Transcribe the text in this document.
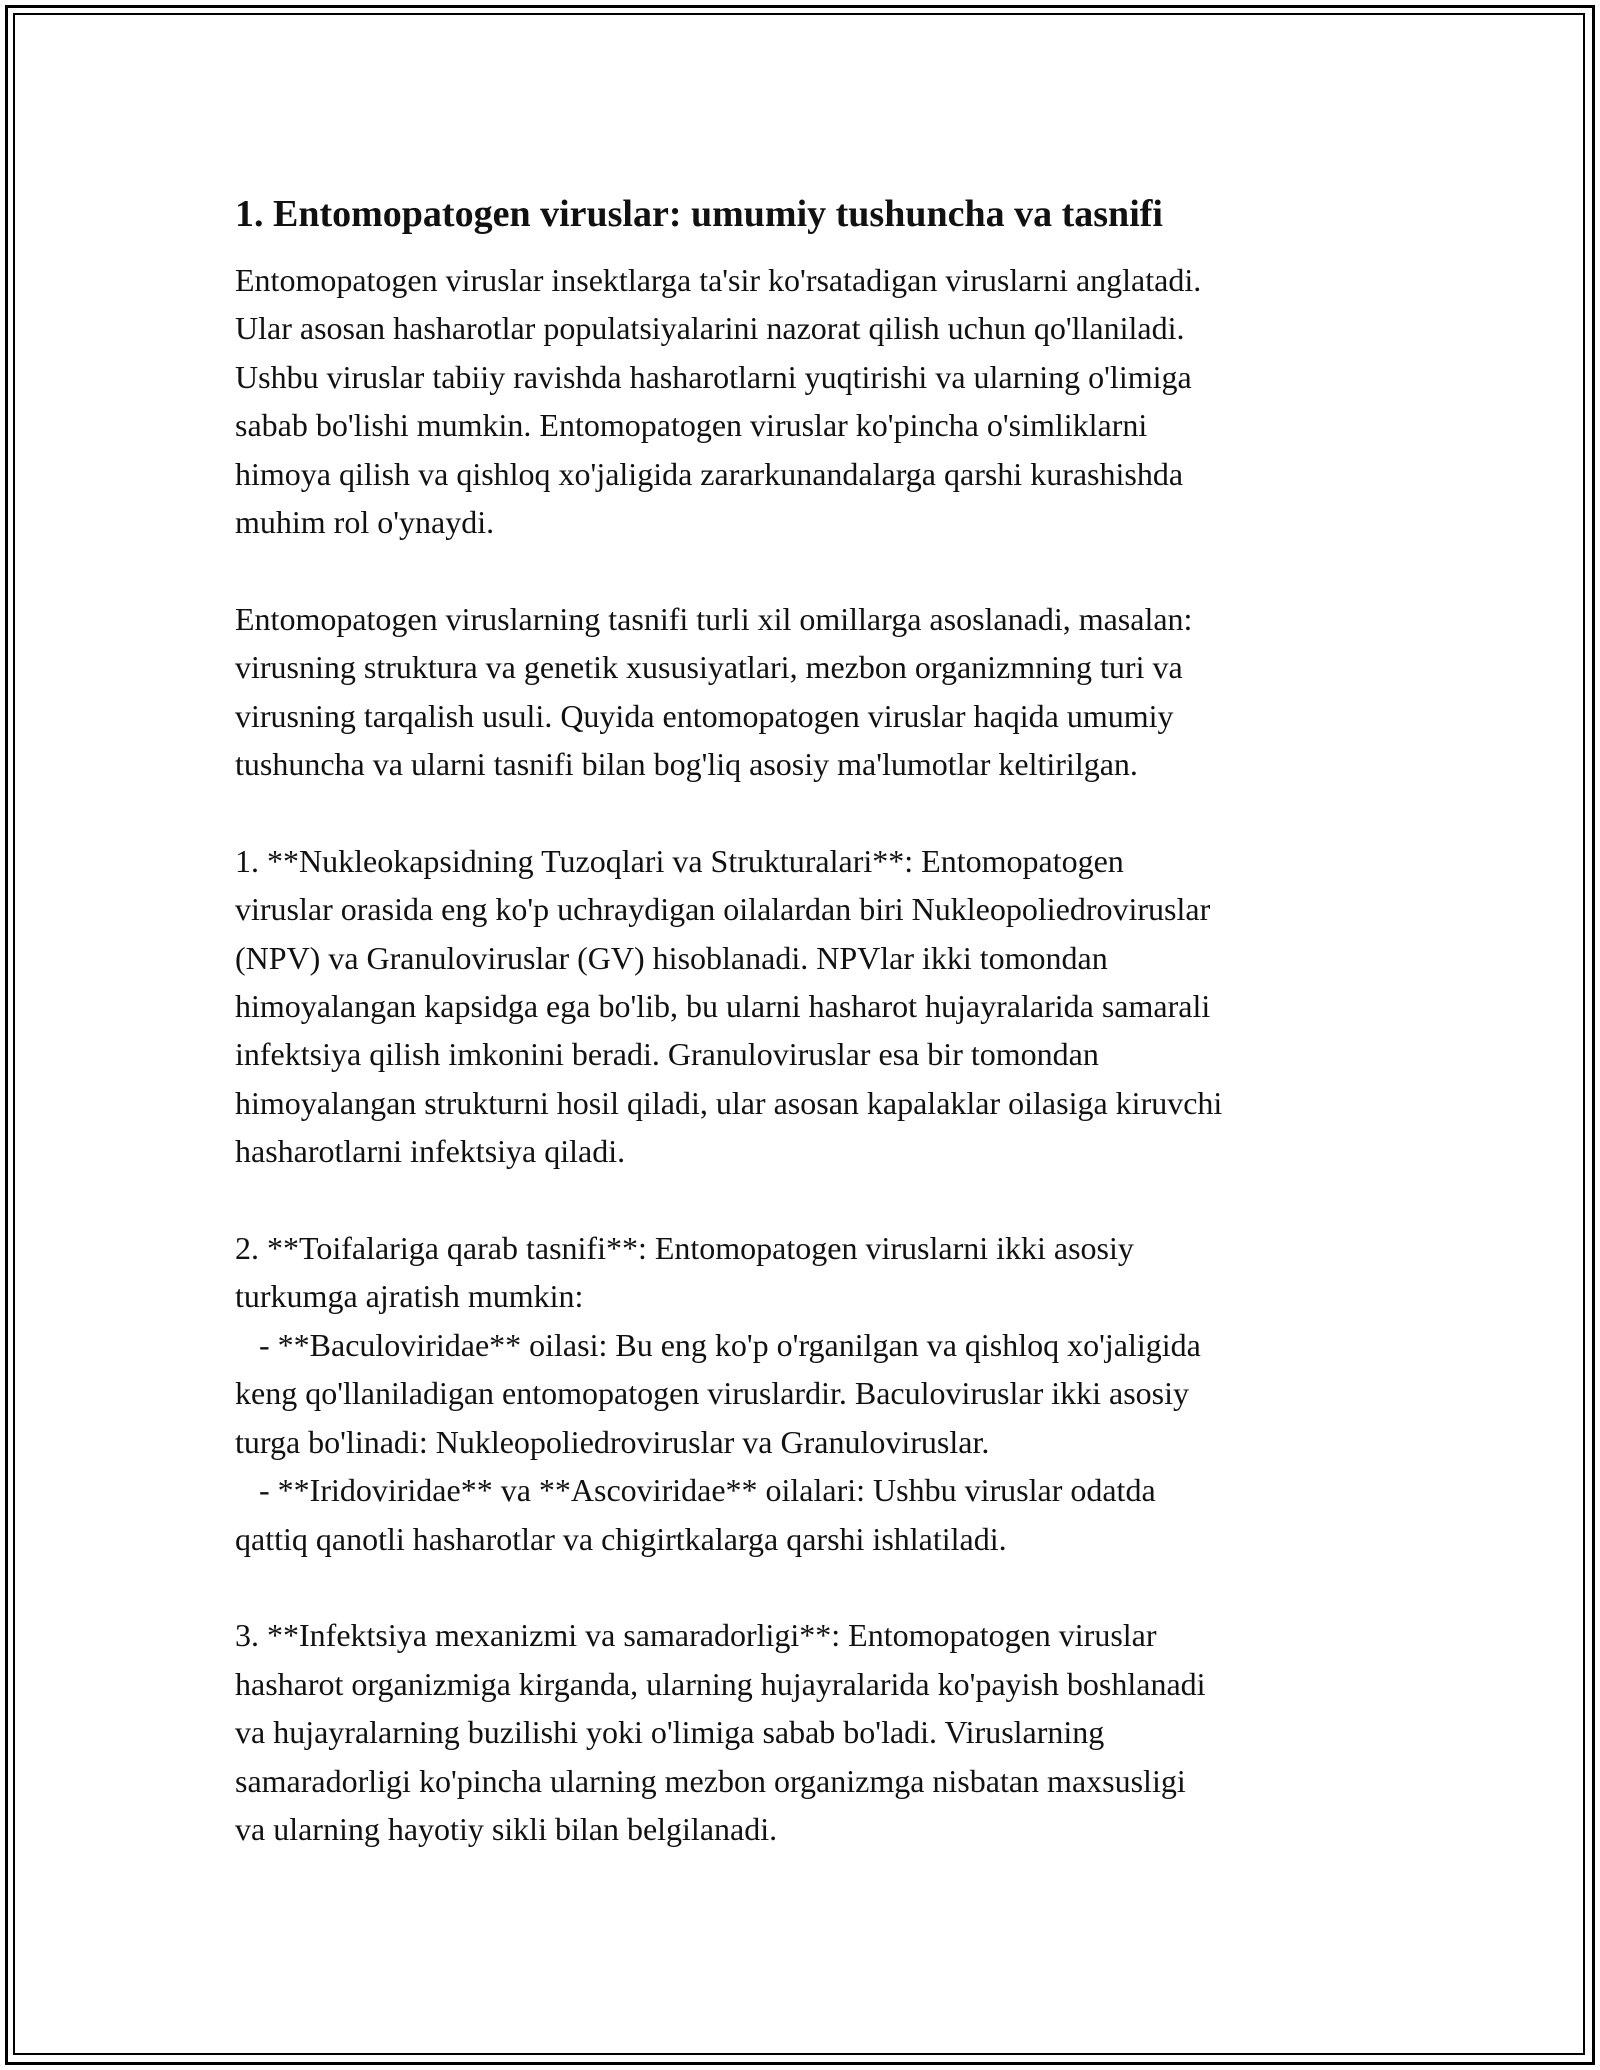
1. Entomopatogen viruslar: umumiy tushuncha va tasnifi

Entomopatogen viruslar insektlarga ta'sir ko'rsatadigan viruslarni anglatadi.
Ular asosan hasharotlar populatsiyalarini nazorat qilish uchun qo'llaniladi.
Ushbu viruslar tabiiy ravishda hasharotlarni yuqtirishi va ularning o'limiga
sabab bo'lishi mumkin. Entomopatogen viruslar ko'pincha o'simliklarni
himoya qilish va qishloq xo'jaligida zararkunandalarga qarshi kurashishda
muhim rol o'ynaydi.

Entomopatogen viruslarning tasnifi turli xil omillarga asoslanadi, masalan:
virusning struktura va genetik xususiyatlari, mezbon organizmning turi va
virusning tarqalish usuli. Quyida entomopatogen viruslar haqida umumiy
tushuncha va ularni tasnifi bilan bog'liq asosiy ma'lumotlar keltirilgan.

1. **Nukleokapsidning Tuzoqlari va Strukturalari**: Entomopatogen
viruslar orasida eng ko'p uchraydigan oilalardan biri Nukleopoliedroviruslar
(NPV) va Granuloviruslar (GV) hisoblanadi. NPVlar ikki tomondan
himoyalangan kapsidga ega bo'lib, bu ularni hasharot hujayralarida samarali
infektsiya qilish imkonini beradi. Granuloviruslar esa bir tomondan
himoyalangan strukturni hosil qiladi, ular asosan kapalaklar oilasiga kiruvchi
hasharotlarni infektsiya qiladi.

2. **Toifalariga qarab tasnifi**: Entomopatogen viruslarni ikki asosiy
turkumga ajratish mumkin:
- **Baculoviridae** oilasi: Bu eng ko'p o'rganilgan va qishloq xo'jaligida
keng qo'llaniladigan entomopatogen viruslardir. Baculoviruslar ikki asosiy
turga bo'linadi: Nukleopoliedroviruslar va Granuloviruslar.
- **Iridoviridae** va **Ascoviridae** oilalari: Ushbu viruslar odatda
qattiq qanotli hasharotlar va chigirtkalarga qarshi ishlatiladi.

3. **Infektsiya mexanizmi va samaradorligi**: Entomopatogen viruslar
hasharot organizmiga kirganda, ularning hujayralarida ko'payish boshlanadi
va hujayralarning buzilishi yoki o'limiga sabab bo'ladi. Viruslarning
samaradorligi ko'pincha ularning mezbon organizmga nisbatan maxsusligi
va ularning hayotiy sikli bilan belgilanadi.
